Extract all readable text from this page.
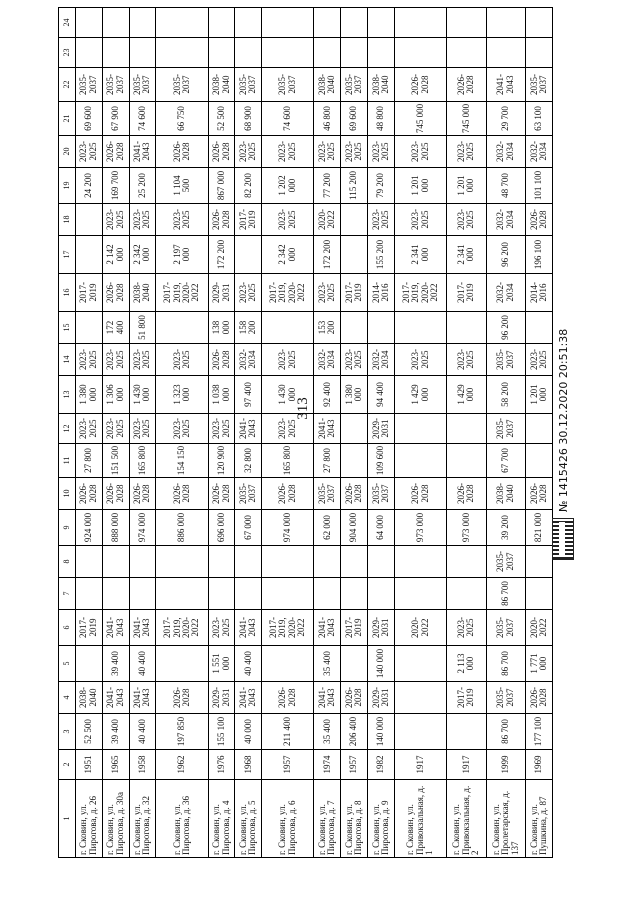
313
1	2	3	4	5	6	7	8	9	10	11	12	13	14	15	16	17	18	19	20	21	22	23	24
г. Сковин, ул. Пирогова, д. 26	1951	52 500	2038-2040		2017-2019			924 000	2026-2028	27 800	2023-2025	1 380 000	2023-2025		2017-2019			24 200	2023-2025	69 600	2035-2037		
г. Сковин, ул. Пирогова, д. 30а	1965	39 400	2041-2043	39 400	2041-2043			888 000	2026-2028	151 500	2023-2025	1 306 000	2023-2025	172 400	2026-2028	2 142 000	2023-2025	169 700	2026-2028	67 900	2035-2037		
г. Сковин, ул. Пирогова, д. 32	1958	40 400	2041-2043	40 400	2041-2043			974 000	2026-2028	165 800	2023-2025	1 430 000	2023-2025	51 800	2038-2040	2 342 000	2023-2025	25 200	2041-2043	74 600	2035-2037		
г. Сковин, ул. Пирогова, д. 36	1962	197 850	2026-2028		2017-2019, 2020-2022			886 000	2026-2028	154 150	2023-2025	1 323 000	2023-2025		2017-2019, 2020-2022	2 197 000	2023-2025	1 104 500	2026-2028	66 750	2035-2037		
г. Сковин, ул. Пирогова, д. 4	1976	155 100	2029-2031	1 551 000	2023-2025			696 000	2026-2028	120 900	2023-2025	1 038 000	2026-2028	138 000	2029-2031	172 200	2026-2028	867 000	2026-2028	52 500	2038-2040		
г. Сковин, ул. Пирогова, д. 5	1968	40 000	2041-2043	40 400	2041-2043			67 000	2035-2037	32 800	2041-2043	97 400	2032-2034	158 200	2023-2025		2017-2019	82 200	2023-2025	68 900	2035-2037		
г. Сковин, ул. Пирогова, д. 6	1957	211 400	2026-2028		2017-2019, 2020-2022			974 000	2026-2028	165 800	2023-2025	1 430 000	2023-2025		2017-2019, 2020-2022	2 342 000	2023-2025	1 202 000	2023-2025	74 600	2035-2037		
г. Сковин, ул. Пирогова, д. 7	1974	35 400	2041-2043	35 400	2041-2043			62 000	2035-2037	27 800	2041-2043	92 400	2032-2034	153 200	2023-2025	172 200	2020-2022	77 200	2023-2025	46 800	2038-2040		
г. Сковин, ул. Пирогова, д. 8	1957	206 400	2026-2028		2017-2019			904 000	2026-2028			1 380 000	2023-2025		2017-2019			115 200	2023-2025	69 600	2035-2037		
г. Сковин, ул. Пирогова, д. 9	1982	140 000	2029-2031	140 000	2029-2031			64 000	2035-2037	109 600	2029-2031	94 400	2032-2034		2014-2016	155 200	2023-2025	79 200	2023-2025	48 800	2038-2040		
г. Сковин, ул. Привокзальная, д. 1	1917				2020-2022			973 000	2026-2028			1 429 000	2023-2025		2017-2019, 2020-2022	2 341 000	2023-2025	1 201 000	2023-2025	745 000	2026-2028		
г. Сковин, ул. Привокзальная, д. 2	1917		2017-2019	2 113 000	2023-2025			973 000	2026-2028			1 429 000	2023-2025		2017-2019	2 341 000	2023-2025	1 201 000	2023-2025	745 000	2026-2028		
г. Сковин, ул. Пролетарская, д. 137	1999	86 700	2035-2037	86 700	2035-2037	86 700	2035-2037	39 200	2038-2040	67 700	2035-2037	58 200	2035-2037	96 200	2032-2034	96 200	2032-2034	48 700	2032-2034	29 700	2041-2043		
г. Сковин, ул. Пушкина, д. 87	1969	177 100	2026-2028	1 771 000	2020-2022			821 000	2026-2028			1 201 000	2023-2025		2014-2016	196 100	2026-2028	101 100	2032-2034	63 100	2035-2037		
№ 1415426 30.12.2020 20:51:38
